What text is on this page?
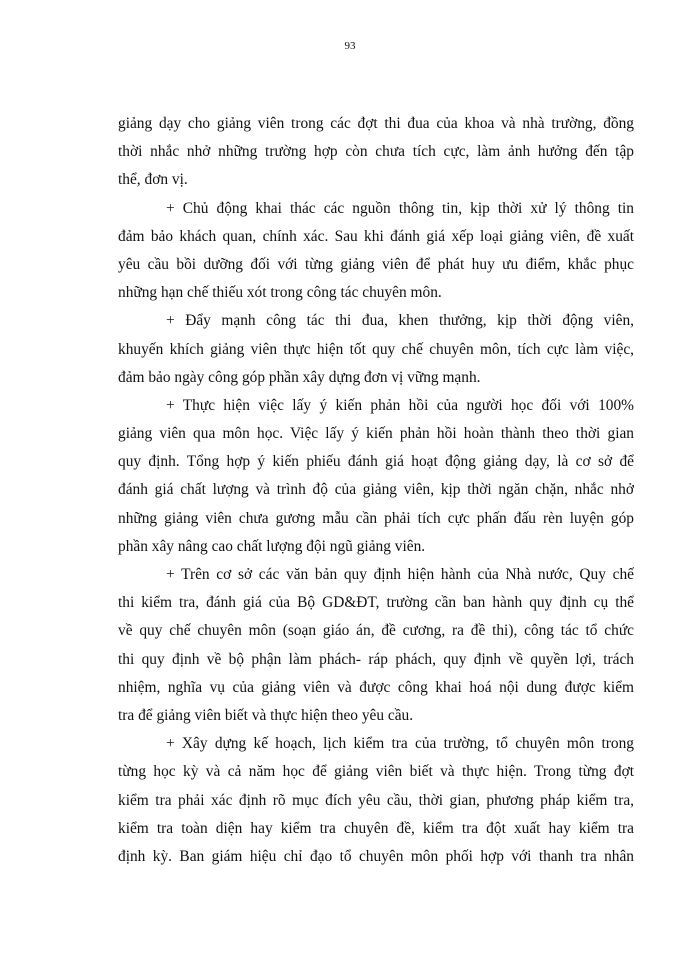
93
giảng dạy cho giảng viên trong các đợt thi đua của khoa và nhà trường, đồng
thời nhắc nhở những trường hợp còn chưa tích cực, làm ảnh hưởng đến tập
thể, đơn vị.
+ Chủ động khai thác các nguồn thông tin, kịp thời xử lý thông tin
đảm bảo khách quan, chính xác. Sau khi đánh giá xếp loại giảng viên, đề xuất
yêu cầu bồi dưỡng đối với từng giảng viên để phát huy ưu điểm, khắc phục
những hạn chế thiếu xót trong công tác chuyên môn.
+ Đẩy mạnh công tác thi đua, khen thưởng, kịp thời động viên,
khuyến khích giảng viên thực hiện tốt quy chế chuyên môn, tích cực làm việc,
đảm bảo ngày công góp phần xây dựng đơn vị vững mạnh.
+ Thực hiện việc lấy ý kiến phản hồi của người học đối với 100%
giảng viên qua môn học. Việc lấy ý kiến phản hồi hoàn thành theo thời gian
quy định. Tổng hợp ý kiến phiếu đánh giá hoạt động giảng dạy, là cơ sở để
đánh giá chất lượng và trình độ của giảng viên, kịp thời ngăn chặn, nhắc nhở
những giảng viên chưa gương mẫu cần phải tích cực phấn đấu rèn luyện góp
phần xây nâng cao chất lượng đội ngũ giảng viên.
+ Trên cơ sở các văn bản quy định hiện hành của Nhà nước, Quy chế
thi kiểm tra, đánh giá của Bộ GD&ĐT, trường cần ban hành quy định cụ thể
về quy chế chuyên môn (soạn giáo án, đề cương, ra đề thi), công tác tổ chức
thi quy định về bộ phận làm phách- ráp phách, quy định về quyền lợi, trách
nhiệm, nghĩa vụ của giảng viên và được công khai hoá nội dung được kiểm
tra để giảng viên biết và thực hiện theo yêu cầu.
+ Xây dựng kế hoạch, lịch kiểm tra của trường, tổ chuyên môn trong
từng học kỳ và cả năm học để giảng viên biết và thực hiện. Trong từng đợt
kiểm tra phải xác định rõ mục đích yêu cầu, thời gian, phương pháp kiểm tra,
kiểm tra toàn diện hay kiểm tra chuyên đề, kiểm tra đột xuất hay kiểm tra
định kỳ. Ban giám hiệu chỉ đạo tổ chuyên môn phối hợp với thanh tra nhân
